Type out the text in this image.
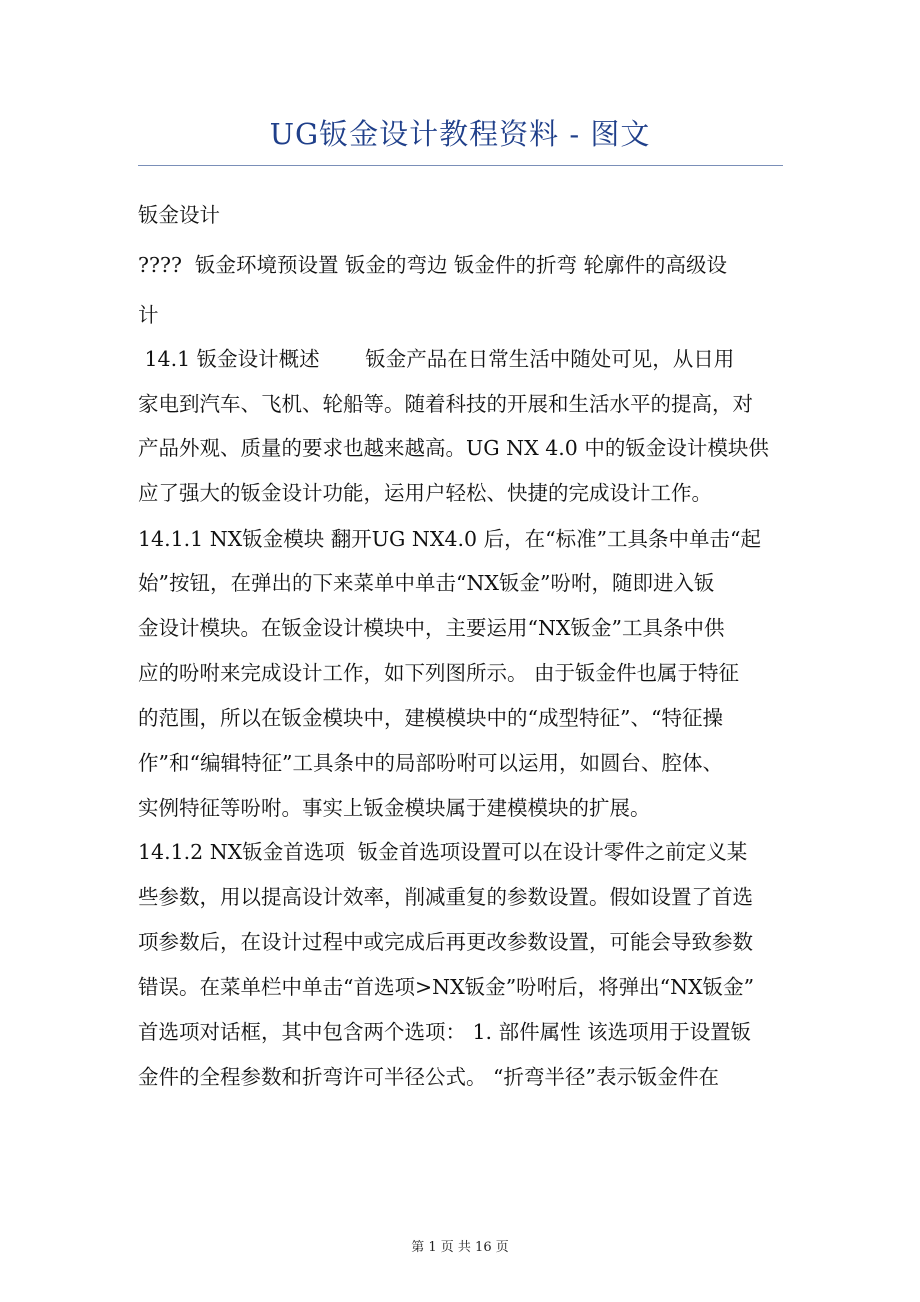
UG钣金设计教程资料 - 图文
钣金设计
????  钣金环境预设置 钣金的弯边 钣金件的折弯 轮廓件的高级设
计
14.1 钣金设计概述       钣金产品在日常生活中随处可见，从日用
家电到汽车、飞机、轮船等。随着科技的开展和生活水平的提高，对
产品外观、质量的要求也越来越高。UG NX 4.0 中的钣金设计模块供
应了强大的钣金设计功能，运用户轻松、快捷的完成设计工作。
14.1.1 NX钣金模块 翻开UG NX4.0 后，在“标准”工具条中单击“起
始”按钮，在弹出的下来菜单中单击“NX钣金”吩咐，随即进入钣
金设计模块。在钣金设计模块中，主要运用“NX钣金”工具条中供
应的吩咐来完成设计工作，如下列图所示。 由于钣金件也属于特征
的范围，所以在钣金模块中，建模模块中的“成型特征”、“特征操
作”和“编辑特征”工具条中的局部吩咐可以运用，如圆台、腔体、
实例特征等吩咐。事实上钣金模块属于建模模块的扩展。
14.1.2 NX钣金首选项  钣金首选项设置可以在设计零件之前定义某
些参数，用以提高设计效率，削减重复的参数设置。假如设置了首选
项参数后，在设计过程中或完成后再更改参数设置，可能会导致参数
错误。在菜单栏中单击“首选项>NX钣金”吩咐后，将弹出“NX钣金”
首选项对话框，其中包含两个选项： 1. 部件属性 该选项用于设置钣
金件的全程参数和折弯许可半径公式。 “折弯半径”表示钣金件在
第 1 页 共 16 页
